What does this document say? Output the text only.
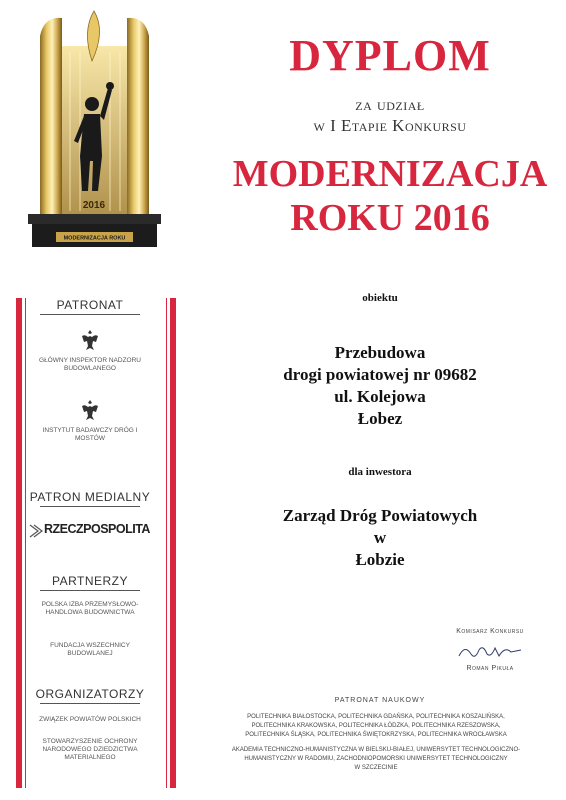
2016
MODERNIZACJA ROKU
DYPLOM
za udział
w I Etapie Konkursu
MODERNIZACJA
ROKU 2016
PATRONAT
GŁÓWNY INSPEKTOR NADZORU BUDOWLANEGO
INSTYTUT BADAWCZY DRÓG I MOSTÓW
PATRON MEDIALNY
RZECZPOSPOLITA
PARTNERZY
POLSKA IZBA PRZEMYSŁOWO-HANDLOWA BUDOWNICTWA
FUNDACJA WSZECHNICY BUDOWLANEJ
ORGANIZATORZY
ZWIĄZEK POWIATÓW POLSKICH
STOWARZYSZENIE OCHRONY NARODOWEGO DZIEDZICTWA MATERIALNEGO
obiektu
Przebudowa
drogi powiatowej nr 09682
ul. Kolejowa
Łobez
dla inwestora
Zarząd Dróg Powiatowych
w
Łobzie
Komisarz Konkursu
Roman Pikuła
PATRONAT NAUKOWY
POLITECHNIKA BIAŁOSTOCKA, POLITECHNIKA GDAŃSKA, POLITECHNIKA KOSZALIŃSKA,
POLITECHNIKA KRAKOWSKA, POLITECHNIKA ŁÓDZKA, POLITECHNIKA RZESZOWSKA,
POLITECHNIKA ŚLĄSKA, POLITECHNIKA ŚWIĘTOKRZYSKA, POLITECHNIKA WROCŁAWSKA
AKADEMIA TECHNICZNO-HUMANISTYCZNA W BIELSKU-BIAŁEJ, UNIWERSYTET TECHNOLOGICZNO-
HUMANISTYCZNY W RADOMIU, ZACHODNIOPOMORSKI UNIWERSYTET TECHNOLOGICZNY
W SZCZECINIE
